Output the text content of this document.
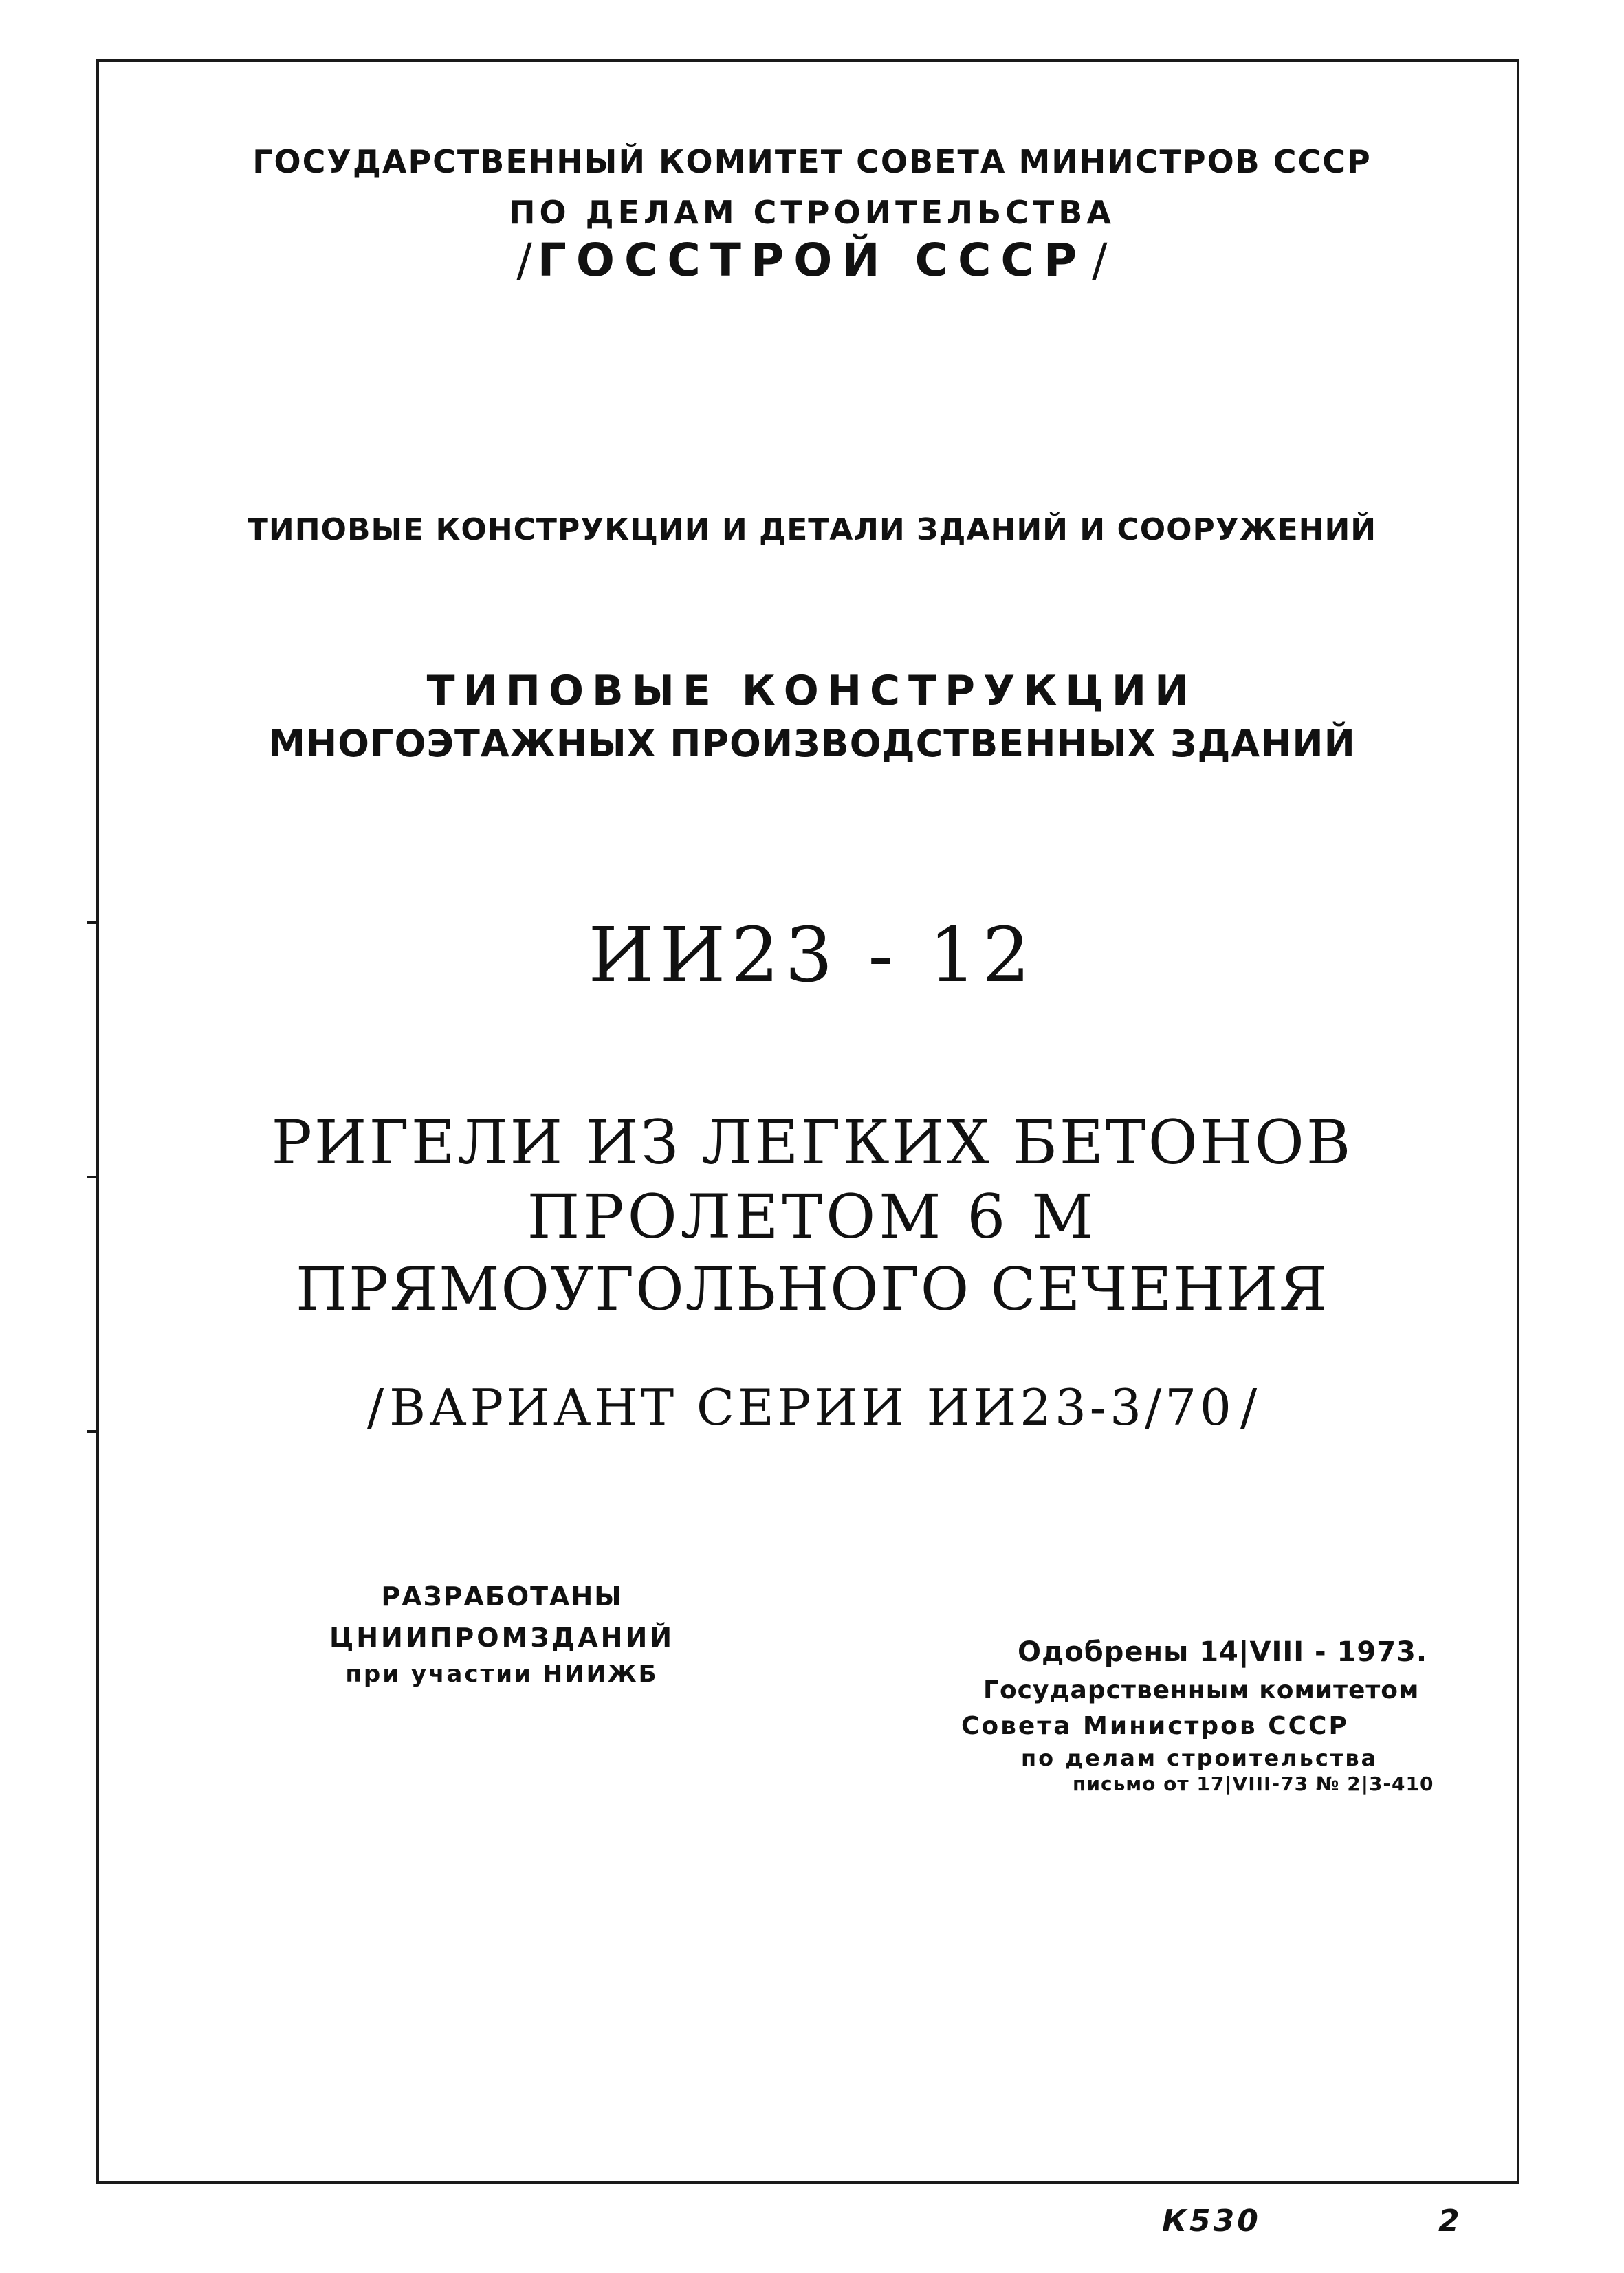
ГОСУДАРСТВЕННЫЙ КОМИТЕТ СОВЕТА МИНИСТРОВ СССР
ПО ДЕЛАМ СТРОИТЕЛЬСТВА
/ ГОССТРОЙ СССР /
ТИПОВЫЕ КОНСТРУКЦИИ И ДЕТАЛИ ЗДАНИЙ И СООРУЖЕНИЙ
ТИПОВЫЕ КОНСТРУКЦИИ
МНОГОЭТАЖНЫХ ПРОИЗВОДСТВЕННЫХ ЗДАНИЙ
ИИ23 - 12
РИГЕЛИ ИЗ ЛЕГКИХ БЕТОНОВ
ПРОЛЕТОМ 6 М
ПРЯМОУГОЛЬНОГО СЕЧЕНИЯ
/ ВАРИАНТ СЕРИИ ИИ23-3/70 /
РАЗРАБОТАНЫ
ЦНИИПРОМЗДАНИЙ
при участии НИИЖБ
Одобрены 14|VIII - 1973.
Государственным комитетом
Совета Министров СССР
по делам строительства
письмо от 17|VIII-73 № 2|3-410
К530	2
